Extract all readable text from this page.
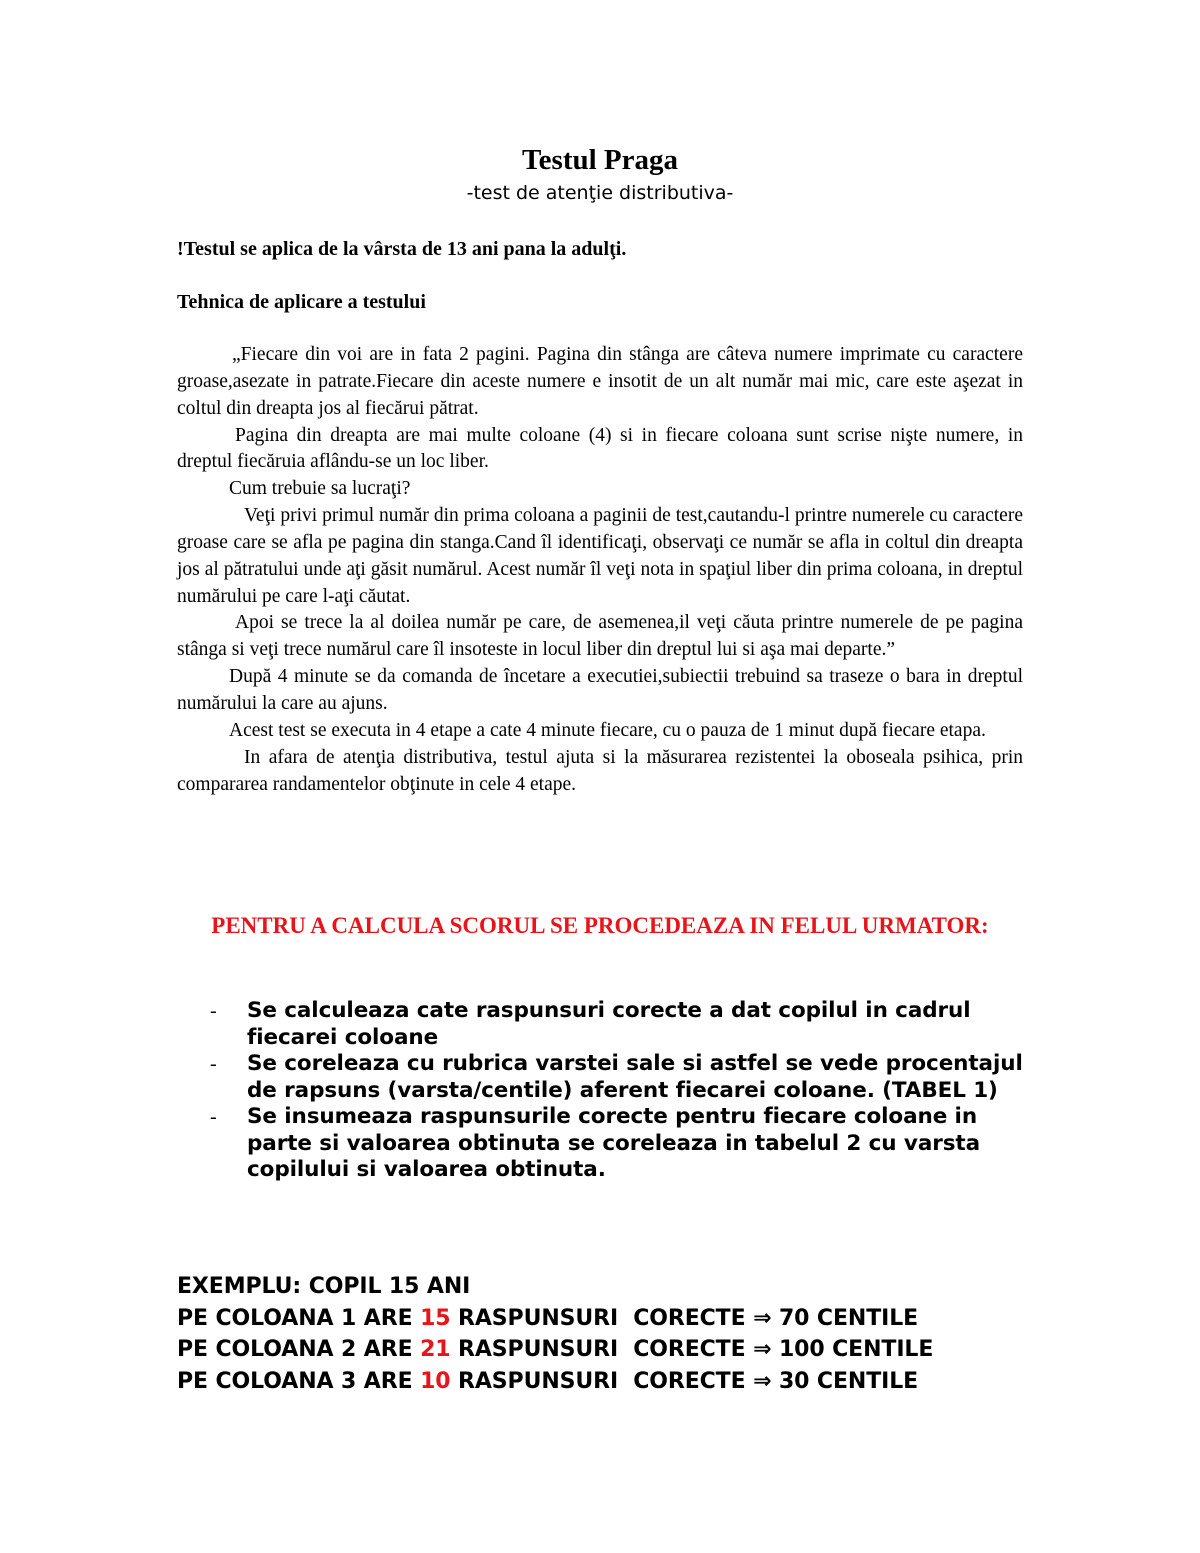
Testul Praga
-test de atenţie distributiva-
!Testul se aplica de la vârsta de 13 ani pana la adulţi.
Tehnica de aplicare a testului

„Fiecare din voi are in fata 2 pagini. Pagina din stânga are câteva numere imprimate cu caractere groase,asezate in patrate.Fiecare din aceste numere e insotit de un alt număr mai mic, care este aşezat in coltul din dreapta jos al fiecărui pătrat.

Pagina din dreapta are mai multe coloane (4) si in fiecare coloana sunt scrise nişte numere, in dreptul fiecăruia aflându-se un loc liber.

Cum trebuie sa lucraţi?

Veţi privi primul număr din prima coloana a paginii de test,cautandu-l printre numerele cu caractere groase care se afla pe pagina din stanga.Cand îl identificaţi, observaţi ce număr se afla in coltul din dreapta jos al pătratului unde aţi găsit numărul. Acest număr îl veţi nota in spaţiul liber din prima coloana, in dreptul numărului pe care l-aţi căutat.

Apoi se trece la al doilea număr pe care, de asemenea,il veţi căuta printre numerele de pe pagina stânga si veţi trece numărul care îl insoteste in locul liber din dreptul lui si aşa mai departe.”

După 4 minute se da comanda de încetare a executiei,subiectii trebuind sa traseze o bara in dreptul numărului la care au ajuns.

Acest test se executa in 4 etape a cate 4 minute fiecare, cu o pauza de 1 minut după fiecare etapa.

In afara de atenţia distributiva, testul ajuta si la măsurarea rezistentei la oboseala psihica, prin compararea randamentelor obţinute in cele 4 etape.

PENTRU A CALCULA SCORUL SE PROCEDEAZA IN FELUL URMATOR:
- Se calculeaza cate raspunsuri corecte a dat copilul in cadrul fiecarei coloane
- Se coreleaza cu rubrica varstei sale si astfel se vede procentajul de rapsuns (varsta/centile) aferent fiecarei coloane. (TABEL 1)
- Se insumeaza raspunsurile corecte pentru fiecare coloane in parte si valoarea obtinuta se coreleaza in tabelul 2 cu varsta copilului si valoarea obtinuta.
EXEMPLU: COPIL 15 ANI
PE COLOANA 1 ARE 15 RASPUNSURI  CORECTE ⇒ 70 CENTILE
PE COLOANA 2 ARE 21 RASPUNSURI  CORECTE ⇒ 100 CENTILE
PE COLOANA 3 ARE 10 RASPUNSURI  CORECTE ⇒ 30 CENTILE
